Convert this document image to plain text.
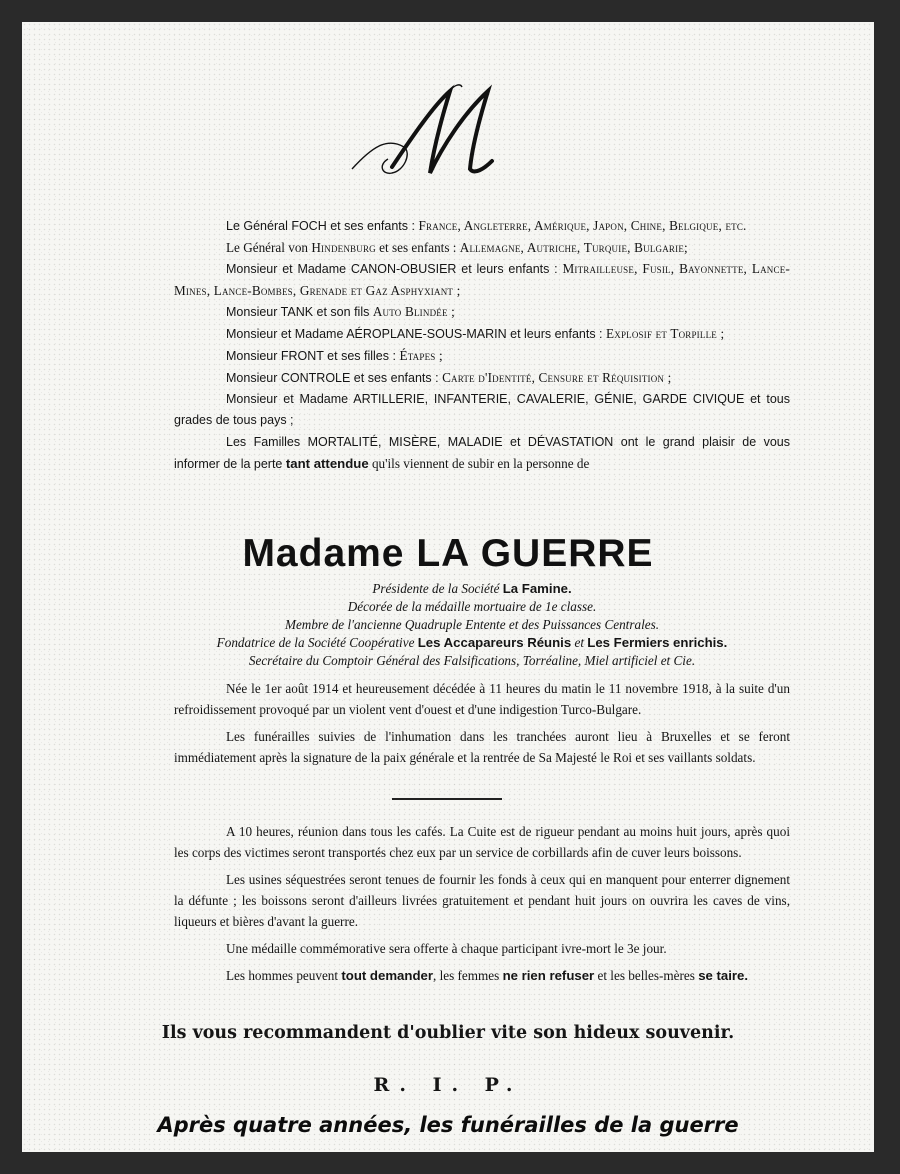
Le Général FOCH et ses enfants : France, Angleterre, Amérique, Japon, Chine, Belgique, etc.

Le Général von Hindenburg et ses enfants : Allemagne, Autriche, Turquie, Bulgarie;

Monsieur et Madame CANON-OBUSIER et leurs enfants : Mitrailleuse, Fusil, Bayonnette, Lance-Mines, Lance-Bombes, Grenade et Gaz Asphyxiant ;

Monsieur TANK et son fils Auto Blindée ;

Monsieur et Madame AÉROPLANE-SOUS-MARIN et leurs enfants : Explosif et Torpille ;

Monsieur FRONT et ses filles : Étapes ;

Monsieur CONTROLE et ses enfants : Carte d'Identité, Censure et Réquisition ;

Monsieur et Madame ARTILLERIE, INFANTERIE, CAVALERIE, GÉNIE, GARDE CIVIQUE et tous grades de tous pays ;

Les Familles MORTALITÉ, MISÈRE, MALADIE et DÉVASTATION ont le grand plaisir de vous informer de la perte tant attendue qu'ils viennent de subir en la personne de

Madame LA GUERRE
Présidente de la Société La Famine.
Décorée de la médaille mortuaire de 1e classe.
Membre de l'ancienne Quadruple Entente et des Puissances Centrales.
Fondatrice de la Société Coopérative Les Accapareurs Réunis et Les Fermiers enrichis.
Secrétaire du Comptoir Général des Falsifications, Torréaline, Miel artificiel et Cie.

Née le 1er août 1914 et heureusement décédée à 11 heures du matin le 11 novembre 1918, à la suite d'un refroidissement provoqué par un violent vent d'ouest et d'une indigestion Turco-Bulgare.

Les funérailles suivies de l'inhumation dans les tranchées auront lieu à Bruxelles et se feront immédiatement après la signature de la paix générale et la rentrée de Sa Majesté le Roi et ses vaillants soldats.

A 10 heures, réunion dans tous les cafés. La Cuite est de rigueur pendant au moins huit jours, après quoi les corps des victimes seront transportés chez eux par un service de corbillards afin de cuver leurs boissons.

Les usines séquestrées seront tenues de fournir les fonds à ceux qui en manquent pour enterrer dignement la défunte ; les boissons seront d'ailleurs livrées gratuitement et pendant huit jours on ouvrira les caves de vins, liqueurs et bières d'avant la guerre.

Une médaille commémorative sera offerte à chaque participant ivre-mort le 3e jour.

Les hommes peuvent tout demander, les femmes ne rien refuser et les belles-mères se taire.

Ils vous recommandent d'oublier vite son hideux souvenir.
R. I. P.
Après quatre années, les funérailles de la guerre
